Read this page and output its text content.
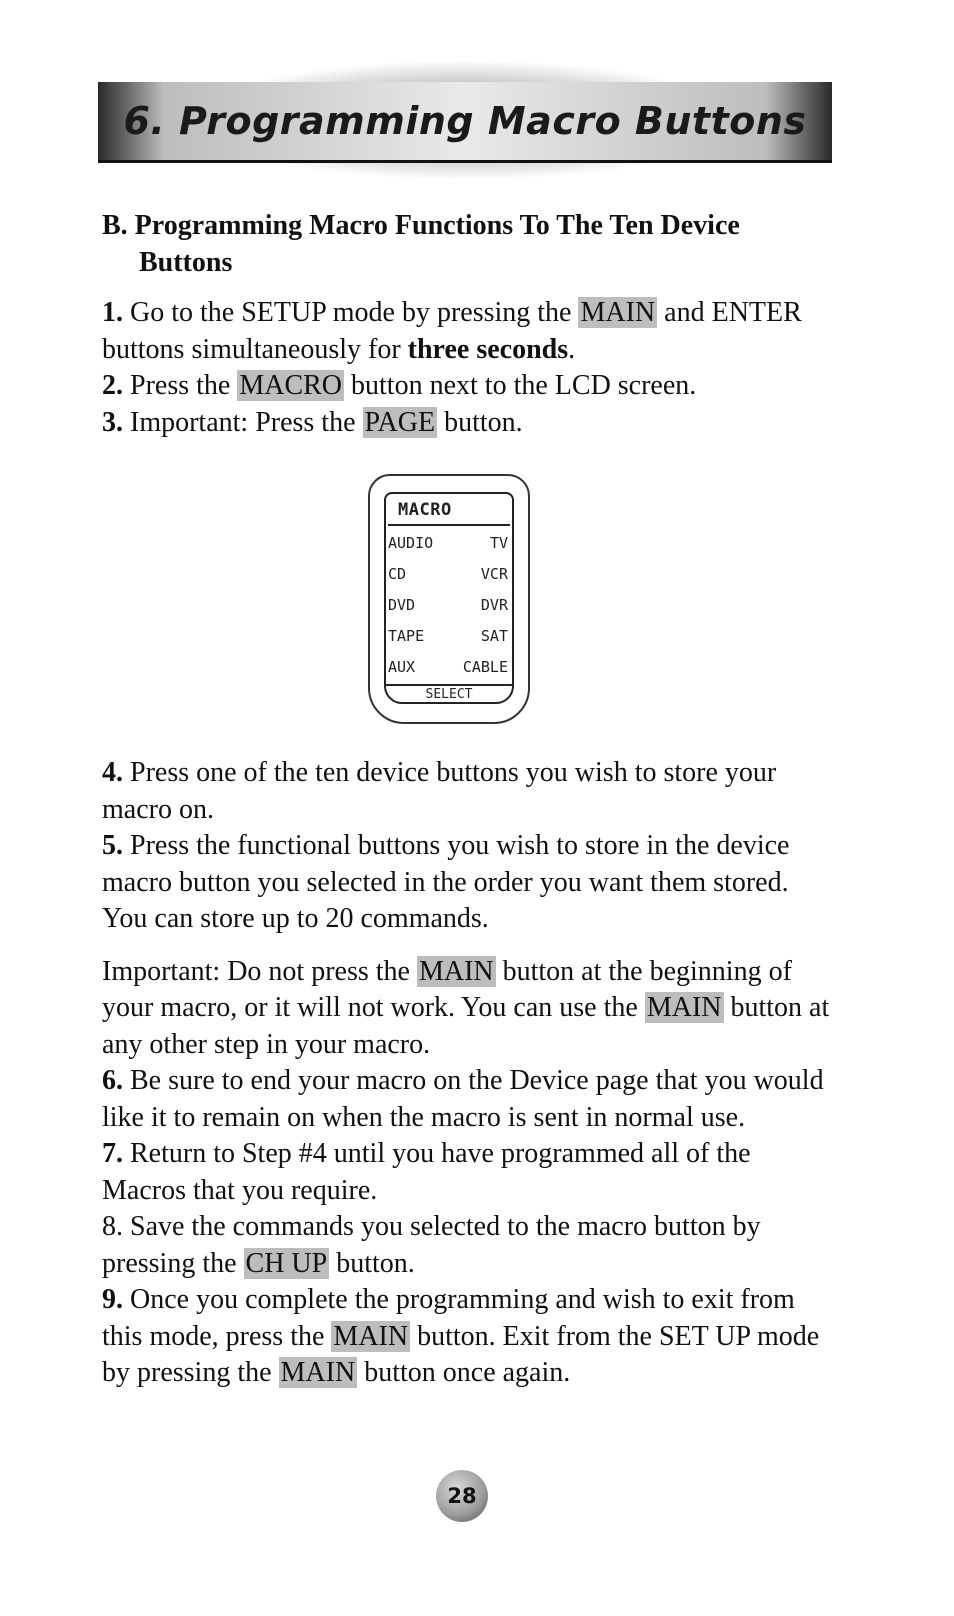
6. Programming Macro Buttons

B. Programming Macro Functions To The Ten Device Buttons

1. Go to the SETUP mode by pressing the MAIN and ENTER buttons simultaneously for three seconds.

2. Press the MACRO button next to the LCD screen.

3. Important: Press the PAGE button.

4. Press one of the ten device buttons you wish to store your macro on.

5. Press the functional buttons you wish to store in the device macro button you selected in the order you want them stored. You can store up to 20 commands.

Important: Do not press the MAIN button at the beginning of your macro, or it will not work. You can use the MAIN button at any other step in your macro.

6. Be sure to end your macro on the Device page that you would like it to remain on when the macro is sent in normal use.

7. Return to Step #4 until you have programmed all of the Macros that you require.

8. Save the commands you selected to the macro button by pressing the CH UP button.

9. Once you complete the programming and wish to exit from this mode, press the MAIN button. Exit from the SET UP mode by pressing the MAIN button once again.

MACRO
AUDIO	TV
CD	VCR
DVD	DVR
TAPE	SAT
AUX	CABLE
SELECT
28
